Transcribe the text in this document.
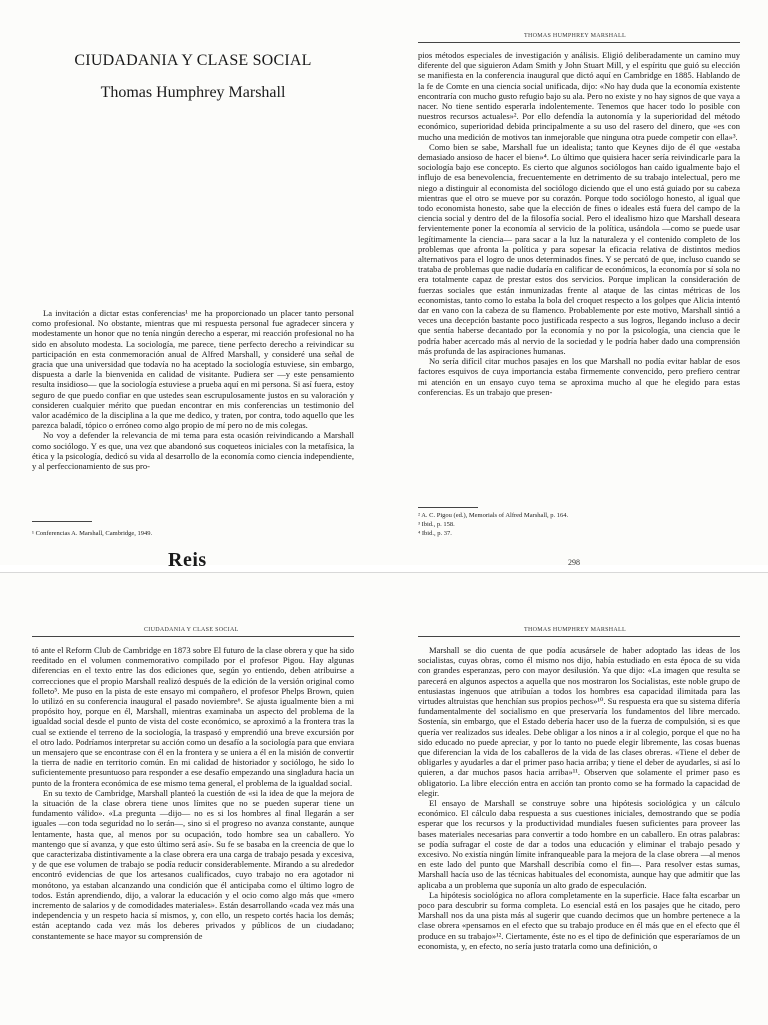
CIUDADANIA Y CLASE SOCIAL
Thomas Humphrey Marshall

La invitación a dictar estas conferencias¹ me ha proporcionado un placer tanto personal como profesional. No obstante, mientras que mi respuesta personal fue agradecer sincera y modestamente un honor que no tenía ningún derecho a esperar, mi reacción profesional no ha sido en absoluto modesta. La sociología, me parece, tiene perfecto derecho a reivindicar su participación en esta conmemoración anual de Alfred Marshall, y consideré una señal de gracia que una universidad que todavía no ha aceptado la sociología estuviese, sin embargo, dispuesta a darle la bienvenida en calidad de visitante. Pudiera ser —y este pensamiento resulta insidioso— que la sociología estuviese a prueba aquí en mi persona. Si así fuera, estoy seguro de que puedo confiar en que ustedes sean escrupulosamente justos en su valoración y consideren cualquier mérito que puedan encontrar en mis conferencias un testimonio del valor académico de la disciplina a la que me dedico, y traten, por contra, todo aquello que les parezca baladí, tópico o erróneo como algo propio de mí pero no de mis colegas.

No voy a defender la relevancia de mi tema para esta ocasión reivindicando a Marshall como sociólogo. Y es que, una vez que abandonó sus coqueteos iniciales con la metafísica, la ética y la psicología, dedicó su vida al desarrollo de la economía como ciencia independiente, y al perfeccionamiento de sus pro-

¹ Conferencias A. Marshall, Cambridge, 1949.
Reis
THOMAS HUMPHREY MARSHALL

pios métodos especiales de investigación y análisis. Eligió deliberadamente un camino muy diferente del que siguieron Adam Smith y John Stuart Mill, y el espíritu que guió su elección se manifiesta en la conferencia inaugural que dictó aquí en Cambridge en 1885. Hablando de la fe de Comte en una ciencia social unificada, dijo: «No hay duda que la economía existente encontraría con mucho gusto refugio bajo su ala. Pero no existe y no hay signos de que vaya a nacer. No tiene sentido esperarla indolentemente. Tenemos que hacer todo lo posible con nuestros recursos actuales»². Por ello defendía la autonomía y la superioridad del método económico, superioridad debida principalmente a su uso del rasero del dinero, que «es con mucho una medición de motivos tan inmejorable que ninguna otra puede competir con ella»³.

Como bien se sabe, Marshall fue un idealista; tanto que Keynes dijo de él que «estaba demasiado ansioso de hacer el bien»⁴. Lo último que quisiera hacer sería reivindicarle para la sociología bajo ese concepto. Es cierto que algunos sociólogos han caído igualmente bajo el influjo de esa benevolencia, frecuentemente en detrimento de su trabajo intelectual, pero me niego a distinguir al economista del sociólogo diciendo que el uno está guiado por su cabeza mientras que el otro se mueve por su corazón. Porque todo sociólogo honesto, al igual que todo economista honesto, sabe que la elección de fines o ideales está fuera del campo de la ciencia social y dentro del de la filosofía social. Pero el idealismo hizo que Marshall desearа fervientemente poner la economía al servicio de la política, usándola —como se puede usar legítimamente la ciencia— para sacar a la luz la naturaleza y el contenido completo de los problemas que afronta la política y para sopesar la eficacia relativa de distintos medios alternativos para el logro de unos determinados fines. Y se percató de que, incluso cuando se trataba de problemas que nadie dudaría en calificar de económicos, la economía por sí sola no era totalmente capaz de prestar estos dos servicios. Porque implican la consideración de fuerzas sociales que están inmunizadas frente al ataque de las cintas métricas de los economistas, tanto como lo estaba la bola del croquet respecto a los golpes que Alicia intentó dar en vano con la cabeza de su flamenco. Probablemente por este motivo, Marshall sintió a veces una decepción bastante poco justificada respecto a sus logros, llegando incluso a decir que sentía haberse decantado por la economía y no por la psicología, una ciencia que le podría haber acercado más al nervio de la sociedad y le podría haber dado una comprensión más profunda de las aspiraciones humanas.

No sería difícil citar muchos pasajes en los que Marshall no podía evitar hablar de esos factores esquivos de cuya importancia estaba firmemente convencido, pero prefiero centrar mi atención en un ensayo cuyo tema se aproxima mucho al que he elegido para estas conferencias. Es un trabajo que presen-

² A. C. Pigou (ed.), Memorials of Alfred Marshall, p. 164.
³ Ibid., p. 158.
⁴ Ibid., p. 37.
298
CIUDADANIA Y CLASE SOCIAL	THOMAS HUMPHREY MARSHALL

tó ante el Reform Club de Cambridge en 1873 sobre El futuro de la clase obrera y que ha sido reeditado en el volumen conmemorativo compilado por el profesor Pigou. Hay algunas diferencias en el texto entre las dos ediciones que, según yo entiendo, deben atribuirse a correcciones que el propio Marshall realizó después de la edición de la versión original como folleto⁵. Me puso en la pista de este ensayo mi compañero, el profesor Phelps Brown, quien lo utilizó en su conferencia inaugural el pasado noviembre⁶. Se ajusta igualmente bien a mi propósito hoy, porque en él, Marshall, mientras examinaba un aspecto del problema de la igualdad social desde el punto de vista del coste económico, se aproximó a la frontera tras la cual se extiende el terreno de la sociología, la traspasó y emprendió una breve excursión por el otro lado. Podríamos interpretar su acción como un desafío a la sociología para que enviara un mensajero que se encontrase con él en la frontera y se uniera a él en la misión de convertir la tierra de nadie en territorio común. En mi calidad de historiador y sociólogo, he sido lo suficientemente presuntuoso para responder a ese desafío empezando una singladura hacia un punto de la frontera económica de ese mismo tema general, el problema de la igualdad social.

En su texto de Cambridge, Marshall planteó la cuestión de «si la idea de que la mejora de la situación de la clase obrera tiene unos límites que no se pueden superar tiene un fundamento válido». «La pregunta —dijo— no es si los hombres al final llegarán a ser iguales —con toda seguridad no lo serán—, sino si el progreso no avanza constante, aunque lentamente, hasta que, al menos por su ocupación, todo hombre sea un caballero. Yo mantengo que sí avanza, y que esto último será así». Su fe se basaba en la creencia de que lo que caracterizaba distintivamente a la clase obrera era una carga de trabajo pesada y excesiva, y de que ese volumen de trabajo se podía reducir considerablemente. Mirando a su alrededor encontró evidencias de que los artesanos cualificados, cuyo trabajo no era agotador ni monótono, ya estaban alcanzando una condición que él anticipaba como el último logro de todos. Están aprendiendo, dijo, a valorar la educación y el ocio como algo más que «mero incremento de salarios y de comodidades materiales». Están desarrollando «cada vez más una independencia y un respeto hacia sí mismos, y, con ello, un respeto cortés hacia los demás; están aceptando cada vez más los deberes privados y públicos de un ciudadano; constantemente se hace mayor su comprensión de

Marshall se dio cuenta de que podía acusársele de haber adoptado las ideas de los socialistas, cuyas obras, como él mismo nos dijo, había estudiado en esta época de su vida con grandes esperanzas, pero con mayor desilusión. Ya que dijo: «La imagen que resulta se parecerá en algunos aspectos a aquella que nos mostraron los Socialistas, este noble grupo de entusiastas ingenuos que atribuían a todos los hombres esa capacidad ilimitada para las virtudes altruistas que henchían sus propios pechos»¹⁰. Su respuesta era que su sistema difería fundamentalmente del socialismo en que preservaría los fundamentos del libre mercado. Sostenía, sin embargo, que el Estado debería hacer uso de la fuerza de compulsión, si es que quería ver realizados sus ideales. Debe obligar a los ninos a ir al colegio, porque el que no ha sido educado no puede apreciar, y por lo tanto no puede elegir libremente, las cosas buenas que diferencian la vida de los caballeros de la vida de las clases obreras. «Tiene el deber de obligarles y ayudarles a dar el primer paso hacia arriba; y tiene el deber de ayudarles, si así lo quieren, a dar muchos pasos hacia arriba»¹¹. Observen que solamente el primer paso es obligatorio. La libre elección entra en acción tan pronto como se ha formado la capacidad de elegir.

El ensayo de Marshall se construye sobre una hipótesis sociológica y un cálculo económico. El cálculo daba respuesta a sus cuestiones iniciales, demostrando que se podía esperar que los recursos y la productividad mundiales fuesen suficientes para proveer las bases materiales necesarias para convertir a todo hombre en un caballero. En otras palabras: se podía sufragar el coste de dar a todos una educación y eliminar el trabajo pesado y excesivo. No existía ningún límite infranqueable para la mejora de la clase obrera —al menos en este lado del punto que Marshall describía como el fin—. Para resolver estas sumas, Marshall hacía uso de las técnicas habituales del economista, aunque hay que admitir que las aplicaba a un problema que suponía un alto grado de especulación.

La hipótesis sociológica no aflora completamente en la superficie. Hace falta escarbar un poco para descubrir su forma completa. Lo esencial está en los pasajes que he citado, pero Marshall nos da una pista más al sugerir que cuando decimos que un hombre pertenece a la clase obrera «pensamos en el efecto que su trabajo produce en él más que en el efecto que él produce en su trabajo»¹². Ciertamente, éste no es el tipo de definición que esperaríamos de un economista, y, en efecto, no sería justo tratarla como una definición, o
